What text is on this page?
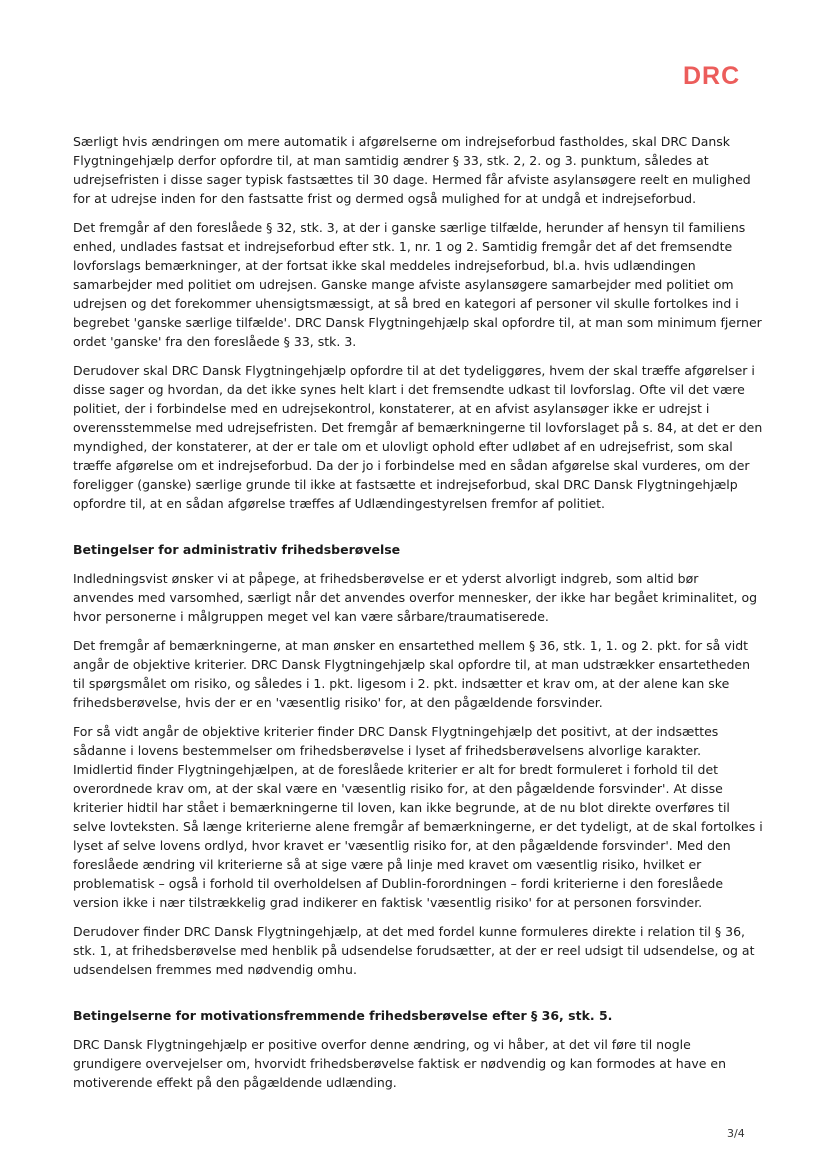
DRC

Særligt hvis ændringen om mere automatik i afgørelserne om indrejseforbud fastholdes, skal DRC Dansk Flygtningehjælp derfor opfordre til, at man samtidig ændrer § 33, stk. 2, 2. og 3. punktum, således at udrejsefristen i disse sager typisk fastsættes til 30 dage. Hermed får afviste asylansøgere reelt en mulighed for at udrejse inden for den fastsatte frist og dermed også mulighed for at undgå et indrejseforbud.

Det fremgår af den foreslåede § 32, stk. 3, at der i ganske særlige tilfælde, herunder af hensyn til familiens enhed, undlades fastsat et indrejseforbud efter stk. 1, nr. 1 og 2. Samtidig fremgår det af det fremsendte lovforslags bemærkninger, at der fortsat ikke skal meddeles indrejseforbud, bl.a. hvis udlændingen samarbejder med politiet om udrejsen. Ganske mange afviste asylansøgere samarbejder med politiet om udrejsen og det forekommer uhensigtsmæssigt, at så bred en kategori af personer vil skulle fortolkes ind i begrebet 'ganske særlige tilfælde'. DRC Dansk Flygtningehjælp skal opfordre til, at man som minimum fjerner ordet 'ganske' fra den foreslåede § 33, stk. 3.

Derudover skal DRC Dansk Flygtningehjælp opfordre til at det tydeliggøres, hvem der skal træffe afgørelser i disse sager og hvordan, da det ikke synes helt klart i det fremsendte udkast til lovforslag. Ofte vil det være politiet, der i forbindelse med en udrejsekontrol, konstaterer, at en afvist asylansøger ikke er udrejst i overensstemmelse med udrejsefristen. Det fremgår af bemærkningerne til lovforslaget på s. 84, at det er den myndighed, der konstaterer, at der er tale om et ulovligt ophold efter udløbet af en udrejsefrist, som skal træffe afgørelse om et indrejseforbud. Da der jo i forbindelse med en sådan afgørelse skal vurderes, om der foreligger (ganske) særlige grunde til ikke at fastsætte et indrejseforbud, skal DRC Dansk Flygtningehjælp opfordre til, at en sådan afgørelse træffes af Udlændingestyrelsen fremfor af politiet.

Betingelser for administrativ frihedsberøvelse

Indledningsvist ønsker vi at påpege, at frihedsberøvelse er et yderst alvorligt indgreb, som altid bør anvendes med varsomhed, særligt når det anvendes overfor mennesker, der ikke har begået kriminalitet, og hvor personerne i målgruppen meget vel kan være sårbare/traumatiserede.

Det fremgår af bemærkningerne, at man ønsker en ensartethed mellem § 36, stk. 1, 1. og 2. pkt. for så vidt angår de objektive kriterier. DRC Dansk Flygtningehjælp skal opfordre til, at man udstrækker ensartetheden til spørgsmålet om risiko, og således i 1. pkt. ligesom i 2. pkt. indsætter et krav om, at der alene kan ske frihedsberøvelse, hvis der er en 'væsentlig risiko' for, at den pågældende forsvinder.

For så vidt angår de objektive kriterier finder DRC Dansk Flygtningehjælp det positivt, at der indsættes sådanne i lovens bestemmelser om frihedsberøvelse i lyset af frihedsberøvelsens alvorlige karakter. Imidlertid finder Flygtningehjælpen, at de foreslåede kriterier er alt for bredt formuleret i forhold til det overordnede krav om, at der skal være en 'væsentlig risiko for, at den pågældende forsvinder'. At disse kriterier hidtil har stået i bemærkningerne til loven, kan ikke begrunde, at de nu blot direkte overføres til selve lovteksten. Så længe kriterierne alene fremgår af bemærkningerne, er det tydeligt, at de skal fortolkes i lyset af selve lovens ordlyd, hvor kravet er 'væsentlig risiko for, at den pågældende forsvinder'. Med den foreslåede ændring vil kriterierne så at sige være på linje med kravet om væsentlig risiko, hvilket er problematisk – også i forhold til overholdelsen af Dublin-forordningen – fordi kriterierne i den foreslåede version ikke i nær tilstrækkelig grad indikerer en faktisk 'væsentlig risiko' for at personen forsvinder.

Derudover finder DRC Dansk Flygtningehjælp, at det med fordel kunne formuleres direkte i relation til § 36, stk. 1, at frihedsberøvelse med henblik på udsendelse forudsætter, at der er reel udsigt til udsendelse, og at udsendelsen fremmes med nødvendig omhu.

Betingelserne for motivationsfremmende frihedsberøvelse efter § 36, stk. 5.

DRC Dansk Flygtningehjælp er positive overfor denne ændring, og vi håber, at det vil føre til nogle grundigere overvejelser om, hvorvidt frihedsberøvelse faktisk er nødvendig og kan formodes at have en motiverende effekt på den pågældende udlænding.

3/4
